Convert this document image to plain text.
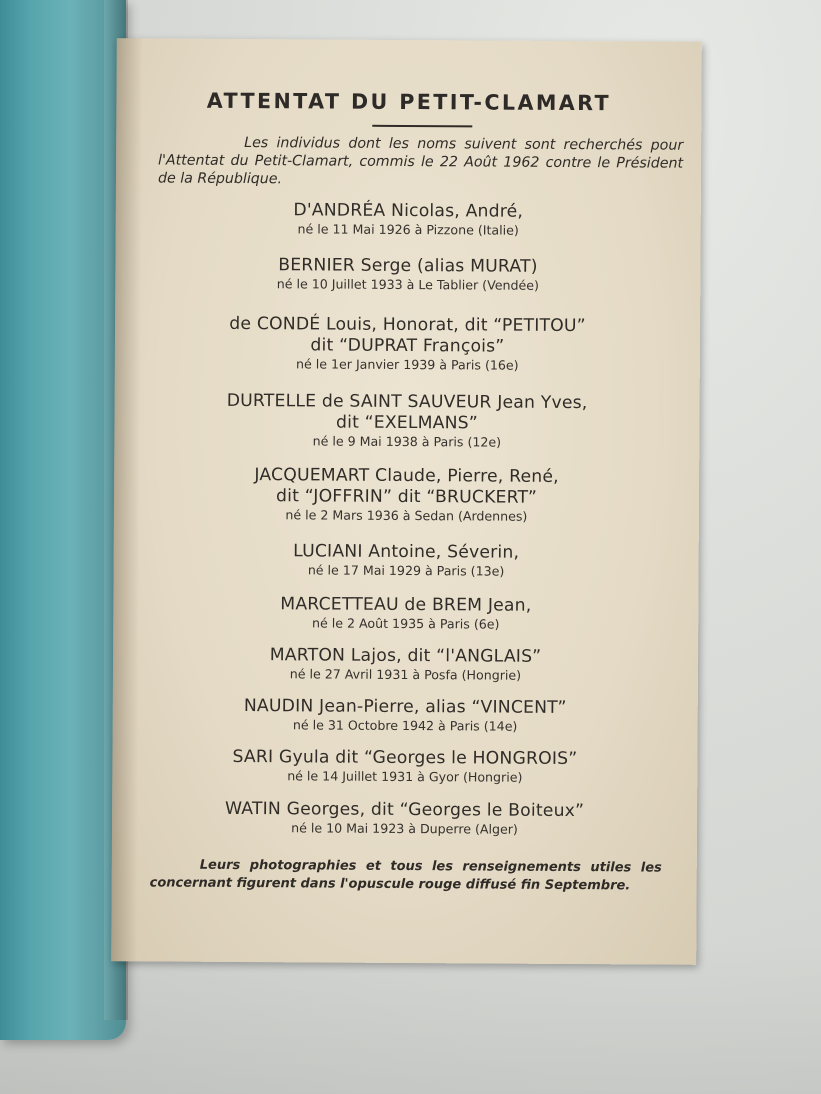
ATTENTAT DU PETIT-CLAMART
Les individus dont les noms suivent sont recherchés pour l'Attentat du Petit-Clamart, commis le 22 Août 1962 contre le Président de la République.
D'ANDRÉA Nicolas, André,
né le 11 Mai 1926 à Pizzone (Italie)
BERNIER Serge (alias MURAT)
né le 10 Juillet 1933 à Le Tablier (Vendée)
de CONDÉ Louis, Honorat, dit “PETITOU”
dit “DUPRAT François”
né le 1er Janvier 1939 à Paris (16e)
DURTELLE de SAINT SAUVEUR Jean Yves,
dit “EXELMANS”
né le 9 Mai 1938 à Paris (12e)
JACQUEMART Claude, Pierre, René,
dit “JOFFRIN” dit “BRUCKERT”
né le 2 Mars 1936 à Sedan (Ardennes)
LUCIANI Antoine, Séverin,
né le 17 Mai 1929 à Paris (13e)
MARCETTEAU de BREM Jean,
né le 2 Août 1935 à Paris (6e)
MARTON Lajos, dit “l'ANGLAIS”
né le 27 Avril 1931 à Posfa (Hongrie)
NAUDIN Jean-Pierre, alias “VINCENT”
né le 31 Octobre 1942 à Paris (14e)
SARI Gyula dit “Georges le HONGROIS”
né le 14 Juillet 1931 à Gyor (Hongrie)
WATIN Georges, dit “Georges le Boiteux”
né le 10 Mai 1923 à Duperre (Alger)
Leurs photographies et tous les renseignements utiles les concernant figurent dans l'opuscule rouge diffusé fin Septembre.
